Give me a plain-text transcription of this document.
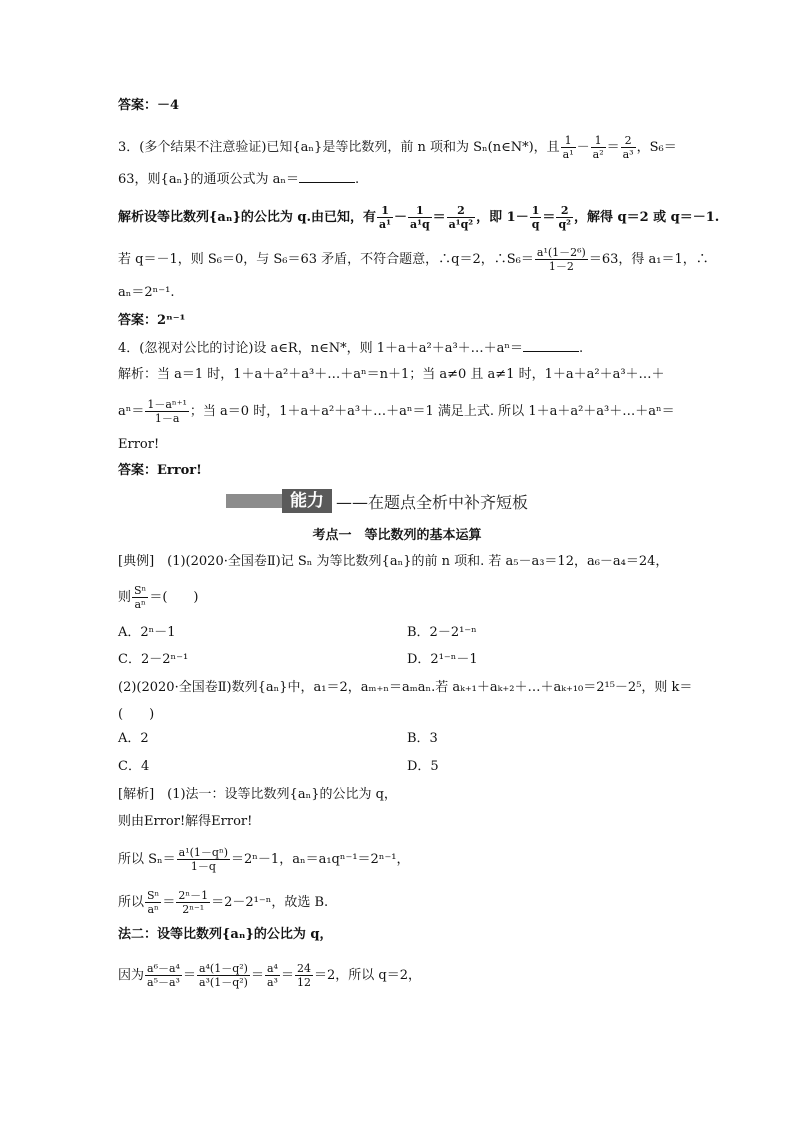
答案：－4
3．(多个结果不注意验证)已知{aₙ}是等比数列，前 n 项和为 Sₙ(n∈N*)，且 $\frac{1}{\text{a¹}} - \frac{1}{\text{a²}} = \frac{2}{\text{a³}}$ ，S₆＝
63，则{aₙ}的通项公式为 aₙ＝	.
解析设等比数列{aₙ}的公比为 q.由已知，有 $\frac{1}{\text{a¹}} - \frac{1}{\text{a¹q}} = \frac{2}{\text{a¹q²}}$ ，即 $1- \frac{1}{q} = \frac{2}{\text{q²}}$ ，解得 q＝2 或 q＝－1.
若 q＝－1，则 S₆＝0，与 S₆＝63 矛盾，不符合题意，∴q＝2，∴S₆＝ $\frac{\text{a¹(1－2⁶)}}{1-2} =63$，得 a₁＝1，∴
aₙ＝2ⁿ⁻¹.
答案：2ⁿ⁻¹
4．(忽视对公比的讨论)设 a∈R，n∈N*，则 1＋a＋a²＋a³＋…＋aⁿ＝	.
解析：当 a＝1 时，1＋a＋a²＋a³＋…＋aⁿ＝n＋1；当 a≠0 且 a≠1 时，1＋a＋a²＋a³＋…＋
$a^n= \frac{\text{1－aⁿ⁺¹}}{1-a}$ ；当 a＝0 时，1＋a＋a²＋a³＋…＋aⁿ＝1 满足上式. 所以 1＋a＋a²＋a³＋…＋aⁿ＝
Error!
答案：Error!
能力 ——在题点全析中补齐短板
考点一　等比数列的基本运算
[典例]　(1)(2020·全国卷Ⅱ)记 Sₙ 为等比数列{aₙ}的前 n 项和. 若 a₅－a₃＝12，a₆－a₄＝24，
则 $\frac{\text{Sⁿ}}{\text{aⁿ}}$ ＝(　　)
A．2ⁿ－1	B．2－2¹⁻ⁿ
C．2－2ⁿ⁻¹	D．2¹⁻ⁿ－1
(2)(2020·全国卷Ⅱ)数列{aₙ}中，a₁＝2，aₘ₊ₙ＝aₘaₙ.若 aₖ₊₁＋aₖ₊₂＋…＋aₖ₊₁₀＝2¹⁵－2⁵，则 k＝
(　　)
A．2	B．3
C．4	D．5
[解析]　(1)法一：设等比数列{aₙ}的公比为 q，
则由Error!解得Error!
所以 $S_n= \frac{\text{a¹(1－qⁿ)}}{1-q} =2^n-1$，aₙ＝a₁qⁿ⁻¹＝2ⁿ⁻¹，
所以 $\frac{\text{Sⁿ}}{\text{aⁿ}} = \frac{\text{2ⁿ－1}}{\text{2ⁿ⁻¹}} =2-2^{1-n}$，故选 B.
法二：设等比数列{aₙ}的公比为 q，
因为 $\frac{\text{a⁶－a⁴}}{\text{a⁵－a³}} = \frac{\text{a⁴(1－q²)}}{\text{a³(1－q²)}} = \frac{\text{a⁴}}{\text{a³}} = \frac{24}{12} =2$，所以 q＝2，
